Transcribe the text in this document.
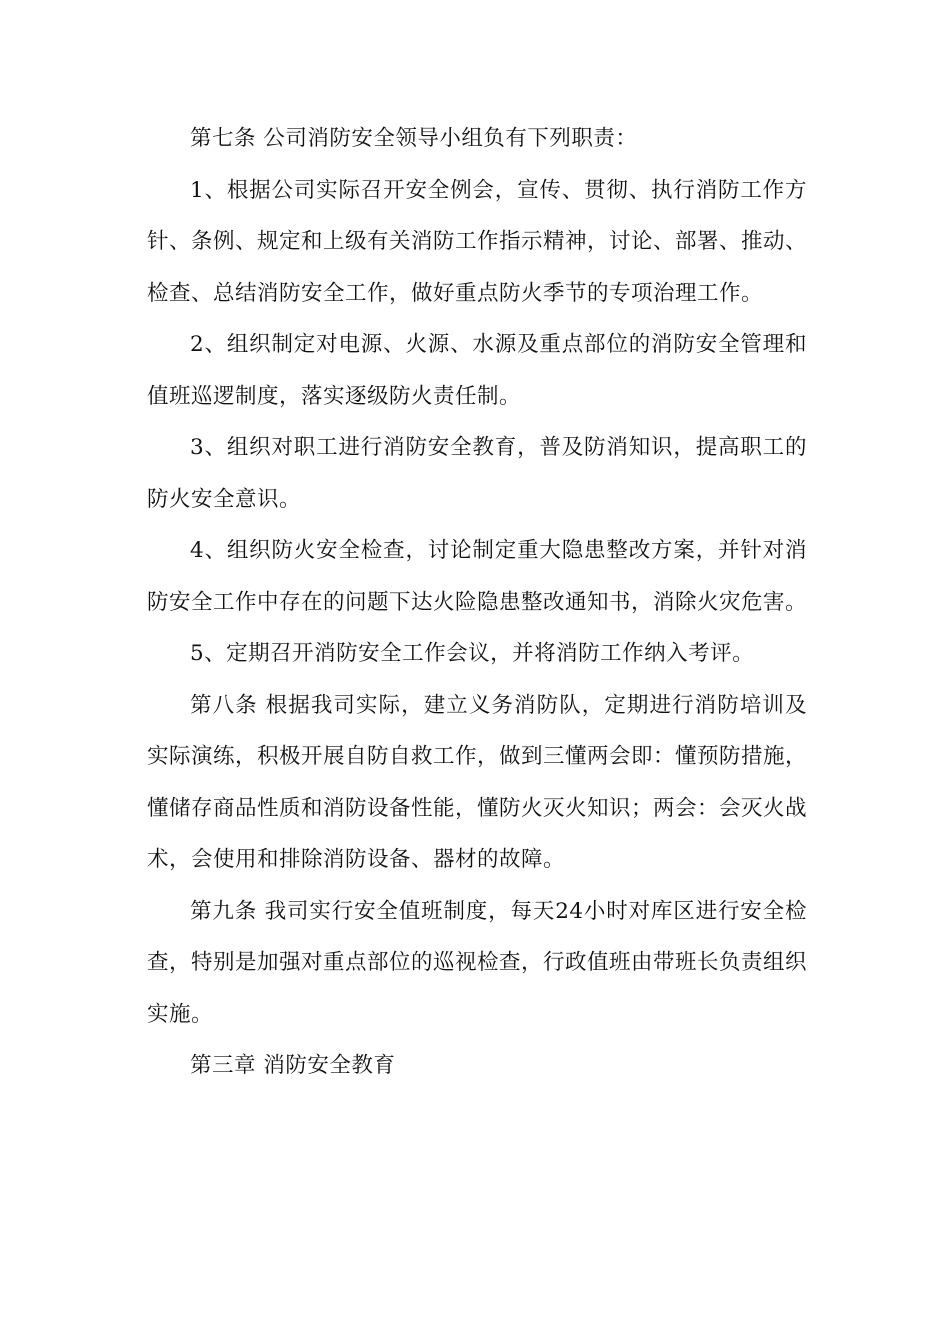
第七条 公司消防安全领导小组负有下列职责：

1、根据公司实际召开安全例会，宣传、贯彻、执行消防工作方针、条例、规定和上级有关消防工作指示精神，讨论、部署、推动、检查、总结消防安全工作，做好重点防火季节的专项治理工作。

2、组织制定对电源、火源、水源及重点部位的消防安全管理和值班巡逻制度，落实逐级防火责任制。

3、组织对职工进行消防安全教育，普及防消知识，提高职工的防火安全意识。

4、组织防火安全检查，讨论制定重大隐患整改方案，并针对消防安全工作中存在的问题下达火险隐患整改通知书，消除火灾危害。

5、定期召开消防安全工作会议，并将消防工作纳入考评。

第八条 根据我司实际，建立义务消防队，定期进行消防培训及实际演练，积极开展自防自救工作，做到三懂两会即：懂预防措施，懂储存商品性质和消防设备性能，懂防火灭火知识；两会：会灭火战术，会使用和排除消防设备、器材的故障。

第九条 我司实行安全值班制度，每天24小时对库区进行安全检查，特别是加强对重点部位的巡视检查，行政值班由带班长负责组织实施。

第三章 消防安全教育
